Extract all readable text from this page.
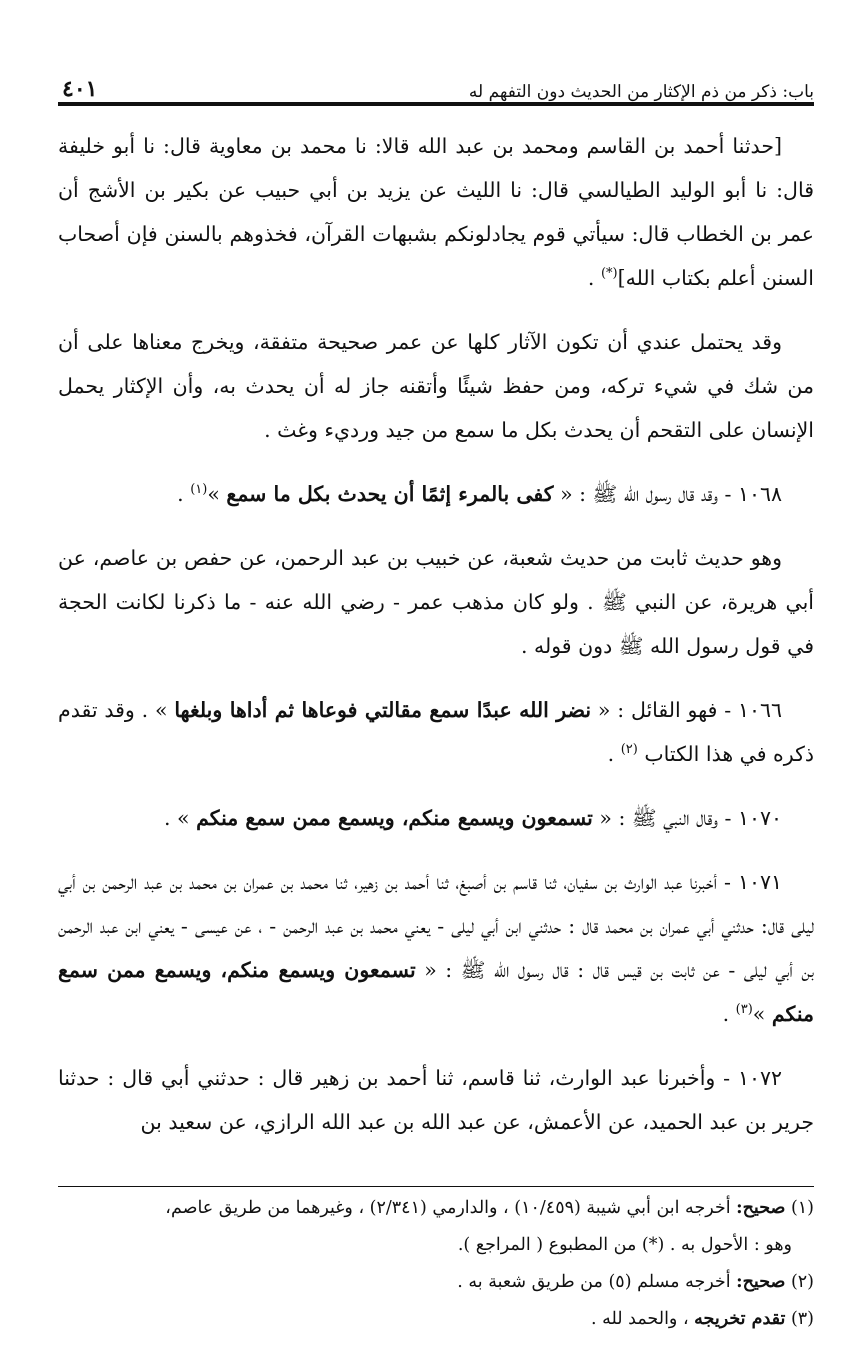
باب: ذكر من ذم الإكثار من الحديث دون التفهم له
٤٠١

[حدثنا أحمد بن القاسم ومحمد بن عبد الله قالا: نا محمد بن معاوية قال: نا أبو خليفة قال: نا أبو الوليد الطيالسي قال: نا الليث عن يزيد بن أبي حبيب عن بكير بن الأشج أن عمر بن الخطاب قال: سيأتي قوم يجادلونكم بشبهات القرآن، فخذوهم بالسنن فإن أصحاب السنن أعلم بكتاب الله](*) .

وقد يحتمل عندي أن تكون الآثار كلها عن عمر صحيحة متفقة، ويخرج معناها على أن من شك في شيء تركه، ومن حفظ شيئًا وأتقنه جاز له أن يحدث به، وأن الإكثار يحمل الإنسان على التقحم أن يحدث بكل ما سمع من جيد ورديء وغث .

١٠٦٨ - وقد قال رسول الله ﷺ : « كفى بالمرء إثمًا أن يحدث بكل ما سمع »$^{(١)}$ .

وهو حديث ثابت من حديث شعبة، عن خبيب بن عبد الرحمن، عن حفص بن عاصم، عن أبي هريرة، عن النبي ﷺ . ولو كان مذهب عمر - رضي الله عنه - ما ذكرنا لكانت الحجة في قول رسول الله ﷺ دون قوله .

١٠٦٦ - فهو القائل : « نضر الله عبدًا سمع مقالتي فوعاها ثم أداها وبلغها » . وقد تقدم ذكره في هذا الكتاب $^{(٢)}$ .

١٠٧٠ - وقال النبي ﷺ : « تسمعون ويسمع منكم، ويسمع ممن سمع منكم » .

١٠٧١ - أخبرنا عبد الوارث بن سفيان، ثنا قاسم بن أصبغ، ثنا أحمد بن زهير، ثنا محمد بن عمران بن محمد بن عبد الرحمن بن أبي ليلى قال: حدثني أبي عمران بن محمد قال : حدثني ابن أبي ليلى - يعني محمد بن عبد الرحمن - ، عن عيسى - يعني ابن عبد الرحمن بن أبي ليلى - عن ثابت بن قيس قال : قال رسول الله ﷺ : « تسمعون ويسمع منكم، ويسمع ممن سمع منكم »$^{(٣)}$ .

١٠٧٢ - وأخبرنا عبد الوارث، ثنا قاسم، ثنا أحمد بن زهير قال : حدثني أبي قال : حدثنا جرير بن عبد الحميد، عن الأعمش، عن عبد الله بن عبد الله الرازي، عن سعيد بن

(١) صحيح: أخرجه ابن أبي شيبة (١٠/٤٥٩) ، والدارمي (٢/٣٤١) ، وغيرهما من طريق عاصم،
وهو : الأحول به . (*) من المطبوع ( المراجع ).
(٢) صحيح: أخرجه مسلم (٥) من طريق شعبة به .
(٣) تقدم تخريجه ، والحمد لله .
